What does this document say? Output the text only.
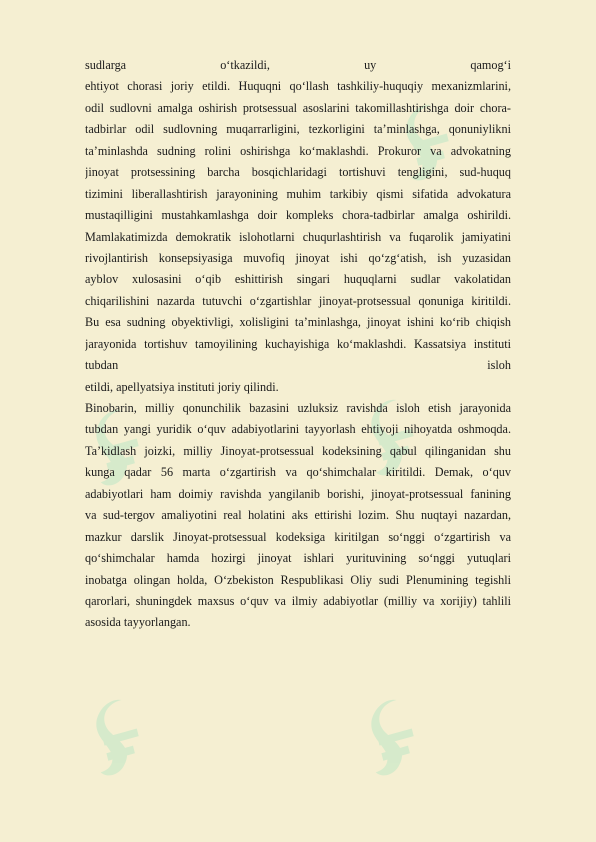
sudlarga o‘tkazildi, uy qamog‘i
ehtiyot chorasi joriy etildi. Huquqni qo‘llash tashkiliy-huquqiy mexanizmlarini,
odil sudlovni amalga oshirish protsessual asoslarini takomillashtirishga doir chora-
tadbirlar odil sudlovning muqarrarligini, tezkorligini ta’minlashga, qonuniylikni
ta’minlashda sudning rolini oshirishga ko‘maklashdi. Prokuror va advokatning
jinoyat protsessining barcha bosqichlaridagi tortishuvi tengligini, sud-huquq
tizimini liberallashtirish jarayonining muhim tarkibiy qismi sifatida advokatura
mustaqilligini mustahkamlashga doir kompleks chora-tadbirlar amalga oshirildi.
Mamlakatimizda demokratik islohotlarni chuqurlashtirish va fuqarolik jamiyatini
rivojlantirish konsepsiyasiga muvofiq jinoyat ishi qo‘zg‘atish, ish yuzasidan
ayblov xulosasini o‘qib eshittirish singari huquqlarni sudlar vakolatidan
chiqarilishini nazarda tutuvchi o‘zgartishlar jinoyat-protsessual qonuniga kiritildi.
Bu esa sudning obyektivligi, xolisligini ta’minlashga, jinoyat ishini ko‘rib chiqish
jarayonida tortishuv tamoyilining kuchayishiga ko‘maklashdi. Kassatsiya instituti
tubdan isloh
etildi, apellyatsiya instituti joriy qilindi.
Binobarin, milliy qonunchilik bazasini uzluksiz ravishda isloh etish jarayonida
tubdan yangi yuridik o‘quv adabiyotlarini tayyorlash ehtiyoji nihoyatda oshmoqda.
Ta’kidlash joizki, milliy Jinoyat-protsessual kodeksining qabul qilinganidan shu
kunga qadar 56 marta o‘zgartirish va qo‘shimchalar kiritildi. Demak, o‘quv
adabiyotlari ham doimiy ravishda yangilanib borishi, jinoyat-protsessual fanining
va sud-tergov amaliyotini real holatini aks ettirishi lozim. Shu nuqtayi nazardan,
mazkur darslik Jinoyat-protsessual kodeksiga kiritilgan so‘nggi o‘zgartirish va
qo‘shimchalar hamda hozirgi jinoyat ishlari yurituvining so‘nggi yutuqlari
inobatga olingan holda, O‘zbekiston Respublikasi Oliy sudi Plenumining tegishli
qarorlari, shuningdek maxsus o‘quv va ilmiy adabiyotlar (milliy va xorijiy) tahlili
asosida tayyorlangan.
